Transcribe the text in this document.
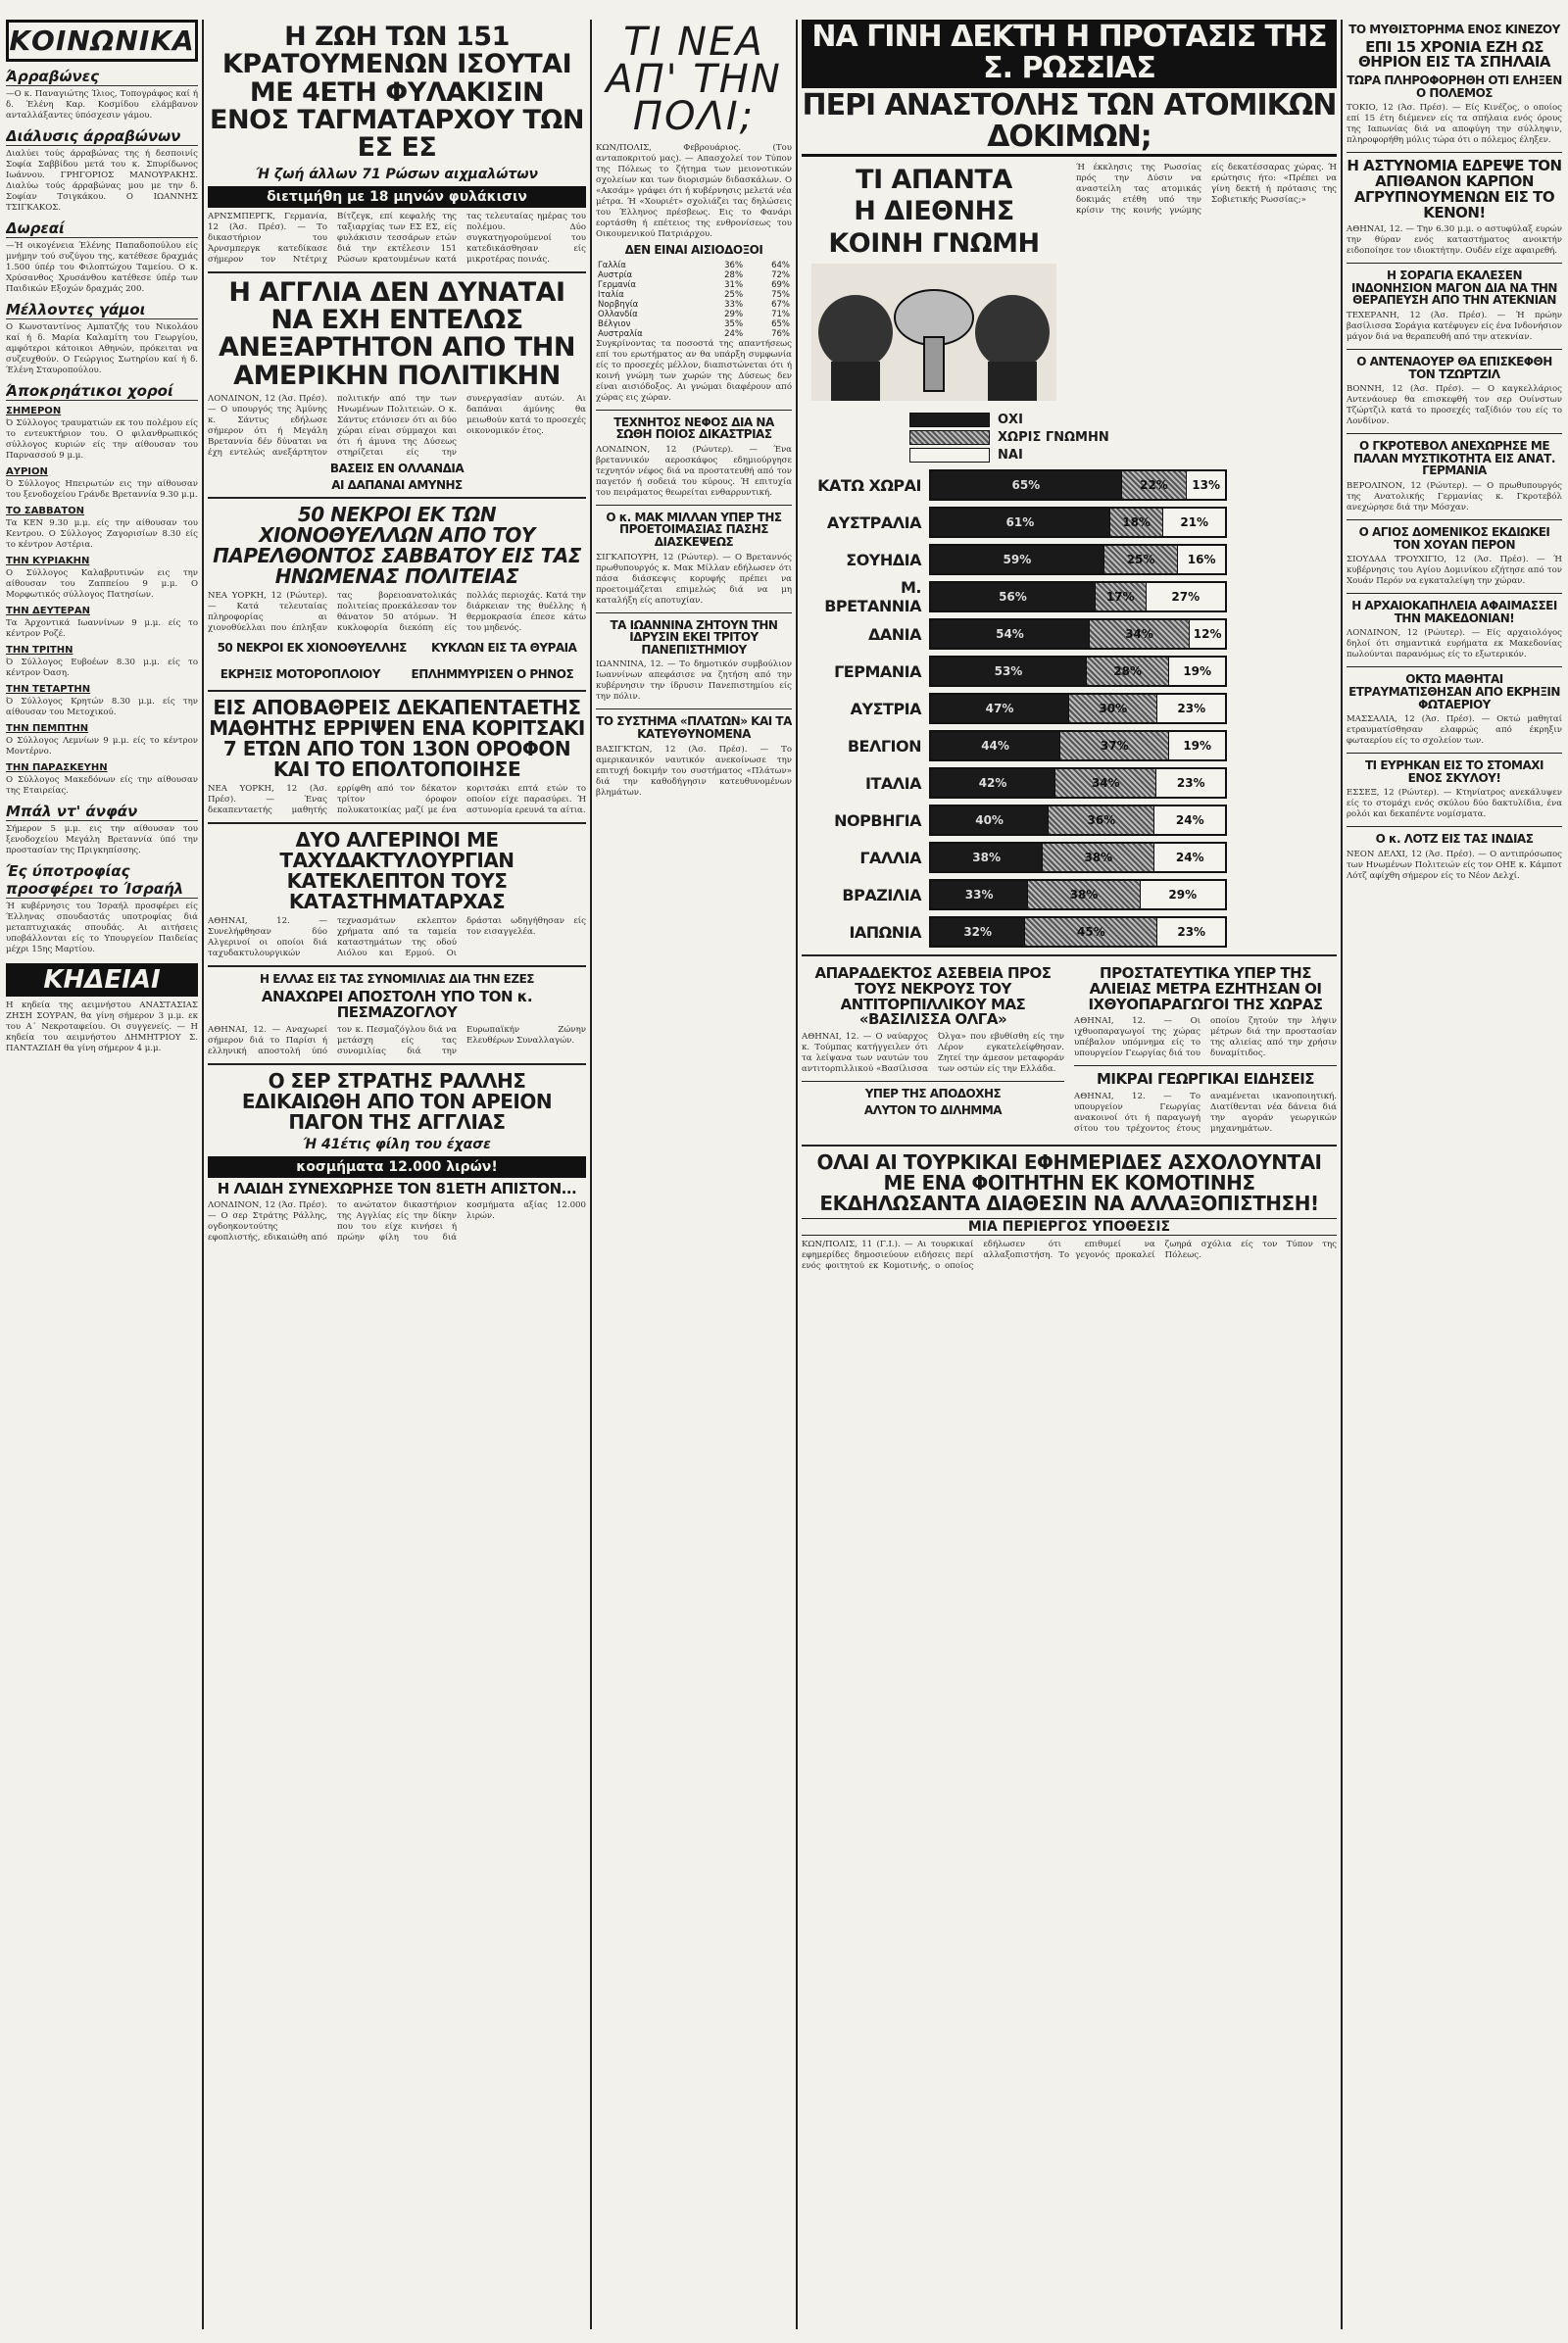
ΚΟΙΝΩΝΙΚΑ
Άρραβώνες

—Ο κ. Παναγιώτης Ίλιος, Τοπογράφος καί ή δ. Έλένη Καρ. Κοσμίδου ελάμβανον ανταλλάξαντες ύπόσχεσιν γάμου.

Διάλυσις άρραβώνων

Διαλύει τούς άρραβώνας της ή δεσποινίς Σοφία Σαββίδου μετά του κ. Σπυρίδωνος Ιωάννου. ΓΡΗΓΟΡΙΟΣ ΜΑΝΟΥΡΑΚΗΣ. Διαλύω τούς άρραβώνας μου με την δ. Σοφίαν Τσιγκάκου. Ο ΙΩΑΝΝΗΣ ΤΣΙΓΚΑΚΟΣ.

Δωρεαί

—Ή οικογένεια Έλένης Παπαδοπούλου είς μνήμην τού συζύγου της, κατέθεσε δραχμάς 1.500 ύπέρ του Φιλοπτώχου Ταμείου. Ο κ. Χρύσανθος Χρυσάνθου κατέθεσε ύπέρ των Παιδικών Εξοχών δραχμάς 200.

Μέλλοντες γάμοι

Ο Κωνσταντίνος Αμπατζής του Νικολάου καί ή δ. Μαρία Καλαμίτη του Γεωργίου, αμφότεροι κάτοικοι Αθηνών, πρόκειται να συζευχθούν. Ο Γεώργιος Σωτηρίου καί ή δ. Έλένη Σταυροπούλου.

Άποκρηάτικοι χοροί
ΣΗΜΕΡΟΝ

Ό Σύλλογος τραυματιών εκ του πολέμου είς το εντευκτήριον του. Ο φιλανθρωπικός σύλλογος κυριών είς την αίθουσαν του Παρνασσού 9 μ.μ.

ΑΥΡΙΟΝ

Ό Σύλλογος Ηπειρωτών εις την αίθουσαν του ξενοδοχείου Γράνδε Βρεταννία 9.30 μ.μ.

ΤΟ ΣΑΒΒΑΤΟΝ

Τα ΚΕΝ 9.30 μ.μ. είς την αίθουσαν του Κεντρου. Ο Σύλλογος Ζαγορισίων 8.30 είς το κέντρον Αστέρια.

ΤΗΝ ΚΥΡΙΑΚΗΝ

Ο Σύλλογος Καλαβρυτινών εις την αίθουσαν του Ζαππείου 9 μ.μ. Ο Μορφωτικός σύλλογος Πατησίων.

ΤΗΝ ΔΕΥΤΕΡΑΝ

Τα Άρχοντικά Ιωαννίνων 9 μ.μ. είς το κέντρον Ροζέ.

ΤΗΝ ΤΡΙΤΗΝ

Ό Σύλλογος Ευβοέων 8.30 μ.μ. είς το κέντρον Όαση.

ΤΗΝ ΤΕΤΑΡΤΗΝ

Ό Σύλλογος Κρητών 8.30 μ.μ. είς την αίθουσαν του Μετοχικού.

ΤΗΝ ΠΕΜΠΤΗΝ

Ο Σύλλογος Λεμνίων 9 μ.μ. είς το κέντρον Μοντέρνο.

ΤΗΝ ΠΑΡΑΣΚΕΥΗΝ

Ο Σύλλογος Μακεδόνων είς την αίθουσαν της Εταιρείας.

Μπάλ ντ' άνφάν

Σήμερον 5 μ.μ. εις την αίθουσαν του ξενοδοχείου Μεγάλη Βρεταννία ύπό την προστασίαν της Πριγκηπίσσης.

Ές ύποτροφίας προσφέρει το Ίσραήλ

Ή κυβέρνησις του Ίσραήλ προσφέρει είς Έλληνας σπουδαστάς υποτροφίας διά μεταπτυχιακάς σπουδάς. Αι αιτήσεις υποβάλλονται είς το Υπουργείον Παιδείας μέχρι 15ης Μαρτίου.

ΚΗΔΕΙΑΙ

Η κηδεία της αειμνήστου ΑΝΑΣΤΑΣΙΑΣ ΖΗΣΗ ΣΟΥΡΑΝ, θα γίνη σήμερον 3 μ.μ. εκ του Α΄ Νεκροταφείου. Οι συγγενείς. — Η κηδεία του αειμνήστου ΔΗΜΗΤΡΙΟΥ Σ. ΠΑΝΤΑΖΙΔΗ θα γίνη σήμερον 4 μ.μ.

Η ΖΩΗ ΤΩΝ 151 ΚΡΑΤΟΥΜΕΝΩΝ ΙΣΟΥΤΑΙ ΜΕ 4ΕΤΗ ΦΥΛΑΚΙΣΙΝ ΕΝΟΣ ΤΑΓΜΑΤΑΡΧΟΥ ΤΩΝ ΕΣ ΕΣ
Ή ζωή άλλων 71 Ρώσων αιχμαλώτων
διετιμήθη με 18 μηνών φυλάκισιν

ΑΡΝΣΜΠΕΡΓΚ, Γερμανία, 12 (Άσ. Πρέσ). — Το δικαστήριον του Άρνσμπεργκ κατεδίκασε σήμερον τον Ντέτριχ Βίτζεγκ, επί κεφαλής της ταξιαρχίας των ΕΣ ΕΣ, είς φυλάκισιν τεσσάρων ετών διά την εκτέλεσιν 151 Ρώσων κρατουμένων κατά τας τελευταίας ημέρας του πολέμου. Δύο συγκατηγορούμενοί του κατεδικάσθησαν είς μικροτέρας ποινάς.

Η ΑΓΓΛΙΑ ΔΕΝ ΔΥΝΑΤΑΙ ΝΑ ΕΧΗ ΕΝΤΕΛΩΣ ΑΝΕΞΑΡΤΗΤΟΝ ΑΠΟ ΤΗΝ ΑΜΕΡΙΚΗΝ ΠΟΛΙΤΙΚΗΝ

ΛΟΝΔΙΝΟΝ, 12 (Άσ. Πρέσ). — Ο υπουργός της Άμύνης κ. Σάντυς εδήλωσε σήμερον ότι ή Μεγάλη Βρεταννία δέν δύναται να έχη εντελώς ανεξάρτητον πολιτικήν από την των Ηνωμένων Πολιτειών. Ο κ. Σάντυς ετόνισεν ότι αι δύο χώραι είναι σύμμαχοι και ότι ή άμυνα της Δύσεως στηρίζεται είς την συνεργασίαν αυτών. Αι δαπάναι άμύνης θα μειωθούν κατά το προσεχές οικονομικόν έτος.

ΒΑΣΕΙΣ ΕΝ ΟΛΛΑΝΔΙΑ
ΑΙ ΔΑΠΑΝΑΙ ΑΜΥΝΗΣ
50 ΝΕΚΡΟΙ ΕΚ ΤΩΝ ΧΙΟΝΟΘΥΕΛΛΩΝ ΑΠΟ ΤΟΥ ΠΑΡΕΛΘΟΝΤΟΣ ΣΑΒΒΑΤΟΥ ΕΙΣ ΤΑΣ ΗΝΩΜΕΝΑΣ ΠΟΛΙΤΕΙΑΣ

ΝΕΑ ΥΟΡΚΗ, 12 (Ρώυτερ). — Κατά τελευταίας πληροφορίας αι χιονοθύελλαι που έπληξαν τας βορειοανατολικάς πολιτείας προεκάλεσαν τον θάνατον 50 ατόμων. Ή κυκλοφορία διεκόπη είς πολλάς περιοχάς. Κατά την διάρκειαν της θυέλλης ή θερμοκρασία έπεσε κάτω του μηδενός.

50 ΝΕΚΡΟΙ ΕΚ ΧΙΟΝΟΘΥΕΛΛΗΣ ΚΥΚΛΩΝ ΕΙΣ ΤΑ ΘΥΡΑΙΑ
ΕΚΡΗΞΙΣ ΜΟΤΟΡΟΠΛΟΙΟΥ	ΕΠΛΗΜΜΥΡΙΣΕΝ Ο ΡΗΝΟΣ
ΕΙΣ ΑΠΟΒΑΘΡΕΙΣ ΔΕΚΑΠΕΝΤΑΕΤΗΣ ΜΑΘΗΤΗΣ ΕΡΡΙΨΕΝ ΕΝΑ ΚΟΡΙΤΣΑΚΙ 7 ΕΤΩΝ ΑΠΟ ΤΟΝ 13ΟΝ ΟΡΟΦΟΝ ΚΑΙ ΤΟ ΕΠΟΛΤΟΠΟΙΗΣΕ

ΝΕΑ ΥΟΡΚΗ, 12 (Άσ. Πρέσ). — Ένας δεκαπενταετής μαθητής ερρίφθη από τον δέκατον τρίτον όροφον πολυκατοικίας μαζί με ένα κοριτσάκι επτά ετών το οποίον είχε παρασύρει. Ή αστυνομία ερευνά τα αίτια.

ΔΥΟ ΑΛΓΕΡΙΝΟΙ ΜΕ ΤΑΧΥΔΑΚΤΥΛΟΥΡΓΙΑΝ ΚΑΤΕΚΛΕΠΤΟΝ ΤΟΥΣ ΚΑΤΑΣΤΗΜΑΤΑΡΧΑΣ

ΑΘΗΝΑΙ, 12. — Συνελήφθησαν δύο Αλγερινοί οι οποίοι διά ταχυδακτυλουργικών τεχνασμάτων εκλεπτον χρήματα από τα ταμεία καταστημάτων της οδού Αιόλου και Ερμού. Οι δράσται ωδηγήθησαν είς τον εισαγγελέα.

Η ΕΛΛΑΣ ΕΙΣ ΤΑΣ ΣΥΝΟΜΙΛΙΑΣ ΔΙΑ ΤΗΝ ΕΖΕΣ
ΑΝΑΧΩΡΕΙ ΑΠΟΣΤΟΛΗ ΥΠΟ ΤΟΝ κ. ΠΕΣΜΑΖΟΓΛΟΥ

ΑΘΗΝΑΙ, 12. — Αναχωρεί σήμερον διά το Παρίσι ή ελληνική αποστολή ύπό τον κ. Πεσμαζόγλου διά να μετάσχη είς τας συνομιλίας διά την Ευρωπαϊκήν Ζώνην Ελευθέρων Συναλλαγών.

Ο ΣΕΡ ΣΤΡΑΤΗΣ ΡΑΛΛΗΣ ΕΔΙΚΑΙΩΘΗ ΑΠΟ ΤΟΝ ΑΡΕΙΟΝ ΠΑΓΟΝ ΤΗΣ ΑΓΓΛΙΑΣ
Ή 41έτις φίλη του έχασε
κοσμήματα 12.000 λιρών!
Η ΛΑΙΔΗ ΣΥΝΕΧΩΡΗΣΕ ΤΟΝ 81ΕΤΗ ΑΠΙΣΤΟΝ...

ΛΟΝΔΙΝΟΝ, 12 (Άσ. Πρέσ). — Ο σερ Στράτης Ράλλης, ογδοηκοντούτης εφοπλιστής, εδικαιώθη από το ανώτατον δικαστήριον της Αγγλίας είς την δίκην που του είχε κινήσει ή πρώην φίλη του διά κοσμήματα αξίας 12.000 λιρών.

ΤΙ ΝΕΑ ΑΠ' ΤΗΝ ΠΟΛΙ;

ΚΩΝ/ΠΟΛΙΣ, Φεβρουάριος. (Του ανταποκριτού μας). — Απασχολεί τον Τύπον της Πόλεως το ζήτημα των μειονοτικών σχολείων και των διορισμών διδασκάλων. Ο «Ακσάμ» γράφει ότι ή κυβέρνησις μελετά νέα μέτρα. Ή «Χουριέτ» σχολιάζει τας δηλώσεις του Έλληνος πρέσβεως. Εις το Φανάρι εορτάσθη ή επέτειος της ενθρονίσεως του Οικουμενικού Πατριάρχου.

ΔΕΝ ΕΙΝΑΙ ΑΙΣΙΟΔΟΞΟΙ
Γαλλία	36%	64%
Αυστρία	28%	72%
Γερμανία	31%	69%
Ιταλία	25%	75%
Νορβηγία	33%	67%
Ολλανδία	29%	71%
Βέλγιον	35%	65%
Αυστραλία	24%	76%

Συγκρίνοντας τα ποσοστά της απαντήσεως επί του ερωτήματος αν θα υπάρξη συμφωνία είς το προσεχές μέλλον, διαπιστώνεται ότι ή κοινή γνώμη των χωρών της Δύσεως δεν είναι αισιόδοξος. Αι γνώμαι διαφέρουν από χώρας εις χώραν.

ΤΕΧΝΗΤΟΣ ΝΕΦΟΣ ΔΙΑ ΝΑ ΣΩΘΗ ΠΟΙΟΣ ΔΙΚΑΣΤΡΙΑΣ

ΛΟΝΔΙΝΟΝ, 12 (Ρώυτερ). — Ένα βρεταννικόν αεροσκάφος εδημιούργησε τεχνητόν νέφος διά να προστατευθή από τον παγετόν ή σοδειά του κύρους. Ή επιτυχία του πειράματος θεωρείται ενθαρρυντική.

Ο κ. ΜΑΚ ΜΙΛΛΑΝ ΥΠΕΡ ΤΗΣ ΠΡΟΕΤΟΙΜΑΣΙΑΣ ΠΑΣΗΣ ΔΙΑΣΚΕΨΕΩΣ

ΣΙΓΚΑΠΟΥΡΗ, 12 (Ρώυτερ). — Ο Βρεταννός πρωθυπουργός κ. Μακ Μίλλαν εδήλωσεν ότι πάσα διάσκεψις κορυφής πρέπει να προετοιμάζεται επιμελώς διά να μη καταλήξη είς αποτυχίαν.

ΤΑ ΙΩΑΝΝΙΝΑ ΖΗΤΟΥΝ ΤΗΝ ΙΔΡΥΣΙΝ ΕΚΕΙ ΤΡΙΤΟΥ ΠΑΝΕΠΙΣΤΗΜΙΟΥ

ΙΩΑΝΝΙΝΑ, 12. — Το δημοτικόν συμβούλιον Ιωαννίνων απεφάσισε να ζητήση από την κυβέρνησιν την ίδρυσιν Πανεπιστημίου είς την πόλιν.

ΤΟ ΣΥΣΤΗΜΑ «ΠΛΑΤΩΝ» ΚΑΙ ΤΑ ΚΑΤΕΥΘΥΝΟΜΕΝΑ

ΒΑΣΙΓΚΤΩΝ, 12 (Άσ. Πρέσ). — Το αμερικανικόν ναυτικόν ανεκοίνωσε την επιτυχή δοκιμήν του συστήματος «Πλάτων» διά την καθοδήγησιν κατευθυνομένων βλημάτων.

ΝΑ ΓΙΝΗ ΔΕΚΤΗ Η ΠΡΟΤΑΣΙΣ ΤΗΣ Σ. ΡΩΣΣΙΑΣ
ΠΕΡΙ ΑΝΑΣΤΟΛΗΣ ΤΩΝ ΑΤΟΜΙΚΩΝ ΔΟΚΙΜΩΝ;
ΤΙ ΑΠΑΝΤΑ
Η ΔΙΕΘΝΗΣ
ΚΟΙΝΗ ΓΝΩΜΗ

Ή έκκλησις της Ρωσσίας πρός την Δύσιν να αναστείλη τας ατομικάς δοκιμάς ετέθη υπό την κρίσιν της κοινής γνώμης είς δεκατέσσαρας χώρας. Ή ερώτησις ήτο: «Πρέπει να γίνη δεκτή ή πρότασις της Σοβιετικής Ρωσσίας;»

ΟΧΙ
ΧΩΡΙΣ ΓΝΩΜΗΝ
ΝΑΙ
ΚΑΤΩ ΧΩΡΑΙ	65%	22%	13%
ΑΥΣΤΡΑΛΙΑ	61%	18%	21%
ΣΟΥΗΔΙΑ	59%	25%	16%
Μ. ΒΡΕΤΑΝΝΙΑ	56%	17%	27%
ΔΑΝΙΑ	54%	34%	12%
ΓΕΡΜΑΝΙΑ	53%	28%	19%
ΑΥΣΤΡΙΑ	47%	30%	23%
ΒΕΛΓΙΟΝ	44%	37%	19%
ΙΤΑΛΙΑ	42%	34%	23%
ΝΟΡΒΗΓΙΑ	40%	36%	24%
ΓΑΛΛΙΑ	38%	38%	24%
ΒΡΑΖΙΛΙΑ	33%	38%	29%
ΙΑΠΩΝΙΑ	32%	45%	23%
ΑΠΑΡΑΔΕΚΤΟΣ ΑΣΕΒΕΙΑ ΠΡΟΣ ΤΟΥΣ ΝΕΚΡΟΥΣ ΤΟΥ ΑΝΤΙΤΟΡΠΙΛΛΙΚΟΥ ΜΑΣ «ΒΑΣΙΛΙΣΣΑ ΟΛΓΑ»

ΑΘΗΝΑΙ, 12. — Ο ναύαρχος κ. Τούμπας κατήγγειλεν ότι τα λείψανα των ναυτών του αντιτορπιλλικού «Βασίλισσα Όλγα» που εβυθίσθη είς την Λέρον εγκατελείφθησαν. Ζητεί την άμεσον μεταφοράν των οστών είς την Ελλάδα.

ΥΠΕΡ ΤΗΣ ΑΠΟΔΟΧΗΣ
ΑΛΥΤΟΝ ΤΟ ΔΙΛΗΜΜΑ
ΠΡΟΣΤΑΤΕΥΤΙΚΑ ΥΠΕΡ ΤΗΣ ΑΛΙΕΙΑΣ ΜΕΤΡΑ ΕΖΗΤΗΣΑΝ ΟΙ ΙΧΘΥΟΠΑΡΑΓΩΓΟΙ ΤΗΣ ΧΩΡΑΣ

ΑΘΗΝΑΙ, 12. — Οι ιχθυοπαραγωγοί της χώρας υπέβαλον υπόμνημα είς το υπουργείον Γεωργίας διά του οποίου ζητούν την λήψιν μέτρων διά την προστασίαν της αλιείας από την χρήσιν δυναμίτιδος.

ΜΙΚΡΑΙ ΓΕΩΡΓΙΚΑΙ ΕΙΔΗΣΕΙΣ

ΑΘΗΝΑΙ, 12. — Το υπουργείον Γεωργίας ανακοινοί ότι ή παραγωγή σίτου του τρέχοντος έτους αναμένεται ικανοποιητική. Διατίθενται νέα δάνεια διά την αγοράν γεωργικών μηχανημάτων.

ΟΛΑΙ ΑΙ ΤΟΥΡΚΙΚΑΙ ΕΦΗΜΕΡΙΔΕΣ ΑΣΧΟΛΟΥΝΤΑΙ ΜΕ ΕΝΑ ΦΟΙΤΗΤΗΝ ΕΚ ΚΟΜΟΤΙΝΗΣ ΕΚΔΗΛΩΣΑΝΤΑ ΔΙΑΘΕΣΙΝ ΝΑ ΑΛΛΑΞΟΠΙΣΤΗΣΗ!
ΜΙΑ ΠΕΡΙΕΡΓΟΣ ΥΠΟΘΕΣΙΣ

ΚΩΝ/ΠΟΛΙΣ, 11 (Γ.Ι.). — Αι τουρκικαί εφημερίδες δημοσιεύουν ειδήσεις περί ενός φοιτητού εκ Κομοτινής, ο οποίος εδήλωσεν ότι επιθυμεί να αλλαξοπιστήση. Το γεγονός προκαλεί ζωηρά σχόλια είς τον Τύπον της Πόλεως.

ΤΟ ΜΥΘΙΣΤΟΡΗΜΑ ΕΝΟΣ ΚΙΝΕΖΟΥ
ΕΠΙ 15 ΧΡΟΝΙΑ ΕΖΗ ΩΣ ΘΗΡΙΟΝ ΕΙΣ ΤΑ ΣΠΗΛΑΙΑ
ΤΩΡΑ ΠΛΗΡΟΦΟΡΗΘΗ ΟΤΙ ΕΛΗΞΕΝ Ο ΠΟΛΕΜΟΣ

ΤΟΚΙΟ, 12 (Άσ. Πρέσ). — Είς Κινέζος, ο οποίος επί 15 έτη διέμενεν είς τα σπήλαια ενός όρους της Ιαπωνίας διά να αποφύγη την σύλληψιν, πληροφορήθη μόλις τώρα ότι ο πόλεμος έληξεν.

Η ΑΣΤΥΝΟΜΙΑ ΕΔΡΕΨΕ ΤΟΝ ΑΠΙΘΑΝΟΝ ΚΑΡΠΟΝ ΑΓΡΥΠΝΟΥΜΕΝΩΝ ΕΙΣ ΤΟ ΚΕΝΟΝ!

ΑΘΗΝΑΙ, 12. — Την 6.30 μ.μ. ο αστυφύλαξ ευρών την θύραν ενός καταστήματος ανοικτήν ειδοποίησε τον ιδιοκτήτην. Ουδέν είχε αφαιρεθή.

Η ΣΟΡΑΓΙΑ ΕΚΑΛΕΣΕΝ ΙΝΔΟΝΗΣΙΟΝ ΜΑΓΟΝ ΔΙΑ ΝΑ ΤΗΝ ΘΕΡΑΠΕΥΣΗ ΑΠΟ ΤΗΝ ΑΤΕΚΝΙΑΝ

ΤΕΧΕΡΑΝΗ, 12 (Άσ. Πρέσ). — Ή πρώην βασίλισσα Σοράγια κατέφυγεν είς ένα Ινδονήσιον μάγον διά να θεραπευθή από την ατεκνίαν.

Ο ΑΝΤΕΝΑΟΥΕΡ ΘΑ ΕΠΙΣΚΕΦΘΗ ΤΟΝ ΤΖΩΡΤΖΙΛ

ΒΟΝΝΗ, 12 (Άσ. Πρέσ). — Ο καγκελλάριος Αντενάουερ θα επισκεφθή τον σερ Ουίνστων Τζώρτζιλ κατά το προσεχές ταξίδιόν του είς το Λονδίνον.

Ο ΓΚΡΟΤΕΒΟΛ ΑΝΕΧΩΡΗΣΕ ΜΕ ΠΑΛΑΝ ΜΥΣΤΙΚΟΤΗΤΑ ΕΙΣ ΑΝΑΤ. ΓΕΡΜΑΝΙΑ

ΒΕΡΟΛΙΝΟΝ, 12 (Ρώυτερ). — Ο πρωθυπουργός της Ανατολικής Γερμανίας κ. Γκροτεβόλ ανεχώρησε διά την Μόσχαν.

Ο ΑΓΙΟΣ ΔΟΜΕΝΙΚΟΣ ΕΚΔΙΩΚΕΙ ΤΟΝ ΧΟΥΑΝ ΠΕΡΟΝ

ΣΙΟΥΔΑΔ ΤΡΟΥΧΙΓΙΟ, 12 (Άσ. Πρέσ). — Ή κυβέρνησις του Αγίου Δομινίκου εζήτησε από τον Χουάν Περόν να εγκαταλείψη την χώραν.

Η ΑΡΧΑΙΟΚΑΠΗΛΕΙΑ ΑΦΑΙΜΑΣΣΕΙ ΤΗΝ ΜΑΚΕΔΟΝΙΑΝ!

ΛΟΝΔΙΝΟΝ, 12 (Ρώυτερ). — Είς αρχαιολόγος δηλοί ότι σημαντικά ευρήματα εκ Μακεδονίας πωλούνται παρανόμως είς το εξωτερικόν.

ΟΚΤΩ ΜΑΘΗΤΑΙ ΕΤΡΑΥΜΑΤΙΣΘΗΣΑΝ ΑΠΟ ΕΚΡΗΞΙΝ ΦΩΤΑΕΡΙΟΥ

ΜΑΣΣΑΛΙΑ, 12 (Άσ. Πρέσ). — Οκτώ μαθηταί ετραυματίσθησαν ελαφρώς από έκρηξιν φωταερίου είς το σχολείον των.

ΤΙ ΕΥΡΗΚΑΝ ΕΙΣ ΤΟ ΣΤΟΜΑΧΙ ΕΝΟΣ ΣΚΥΛΟΥ!

ΕΣΣΕΞ, 12 (Ρώυτερ). — Κτηνίατρος ανεκάλυψεν είς το στομάχι ενός σκύλου δύο δακτυλίδια, ένα ρολόι και δεκαπέντε νομίσματα.

Ο κ. ΛΟΤΖ ΕΙΣ ΤΑΣ ΙΝΔΙΑΣ

ΝΕΟΝ ΔΕΛΧΙ, 12 (Άσ. Πρέσ). — Ο αντιπρόσωπος των Ηνωμένων Πολιτειών είς τον ΟΗΕ κ. Κάμποτ Λότζ αφίχθη σήμερον είς το Νέον Δελχί.
